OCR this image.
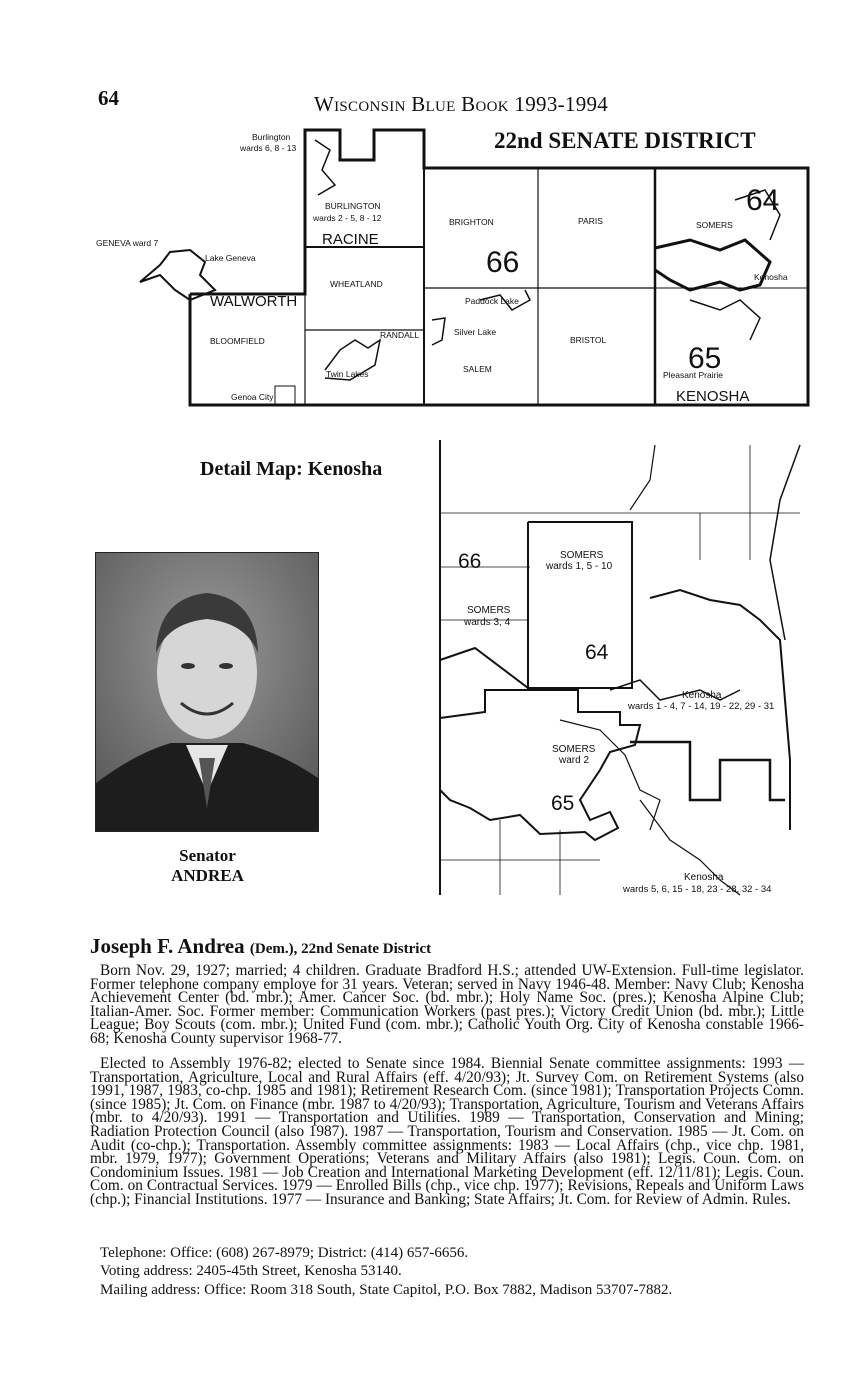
64	Wisconsin Blue Book 1993-1994
22nd SENATE DISTRICT
Burlington
wards 6, 8 - 13
BURLINGTON
wards 2 - 5, 8 - 12
RACINE
BRIGHTON	PARIS	SOMERS
GENEVA ward 7
Lake Geneva
WHEATLAND
WALWORTH
BLOOMFIELD
RANDALL
Twin Lakes
Genoa City
Paddock Lake
Silver Lake
SALEM
BRISTOL
Kenosha
Pleasant Prairie
KENOSHA
64
65
66
Detail Map: Kenosha
66
64
65
SOMERS
wards 1, 5 - 10
SOMERS
wards 3, 4
Kenosha
wards 1 - 4, 7 - 14, 19 - 22, 29 - 31
SOMERS
ward 2
Kenosha
wards 5, 6, 15 - 18, 23 - 28, 32 - 34
Senator
ANDREA
Joseph F. Andrea (Dem.), 22nd Senate District

Born Nov. 29, 1927; married; 4 children. Graduate Bradford H.S.; attended UW-Extension. Full-time legislator. Former telephone company employe for 31 years. Veteran; served in Navy 1946-48. Member: Navy Club; Kenosha Achievement Center (bd. mbr.); Amer. Cancer Soc. (bd. mbr.); Holy Name Soc. (pres.); Kenosha Alpine Club; Italian-Amer. Soc. Former member: Communication Workers (past pres.); Victory Credit Union (bd. mbr.); Little League; Boy Scouts (com. mbr.); United Fund (com. mbr.); Catholic Youth Org. City of Kenosha constable 1966-68; Kenosha County supervisor 1968-77.

Elected to Assembly 1976-82; elected to Senate since 1984. Biennial Senate committee assignments: 1993 — Transportation, Agriculture, Local and Rural Affairs (eff. 4/20/93); Jt. Survey Com. on Retirement Systems (also 1991, 1987, 1983, co-chp. 1985 and 1981); Retirement Research Com. (since 1981); Transportation Projects Comn. (since 1985); Jt. Com. on Finance (mbr. 1987 to 4/20/93); Transportation, Agriculture, Tourism and Veterans Affairs (mbr. to 4/20/93). 1991 — Transportation and Utilities. 1989 — Transportation, Conservation and Mining; Radiation Protection Council (also 1987). 1987 — Transportation, Tourism and Conservation. 1985 — Jt. Com. on Audit (co-chp.); Transportation. Assembly committee assignments: 1983 — Local Affairs (chp., vice chp. 1981, mbr. 1979, 1977); Government Operations; Veterans and Military Affairs (also 1981); Legis. Coun. Com. on Condominium Issues. 1981 — Job Creation and International Marketing Development (eff. 12/11/81); Legis. Coun. Com. on Contractual Services. 1979 — Enrolled Bills (chp., vice chp. 1977); Revisions, Repeals and Uniform Laws (chp.); Financial Institutions. 1977 — Insurance and Banking; State Affairs; Jt. Com. for Review of Admin. Rules.

Telephone: Office: (608) 267-8979; District: (414) 657-6656.
Voting address: 2405-45th Street, Kenosha 53140.
Mailing address: Office: Room 318 South, State Capitol, P.O. Box 7882, Madison 53707-7882.
